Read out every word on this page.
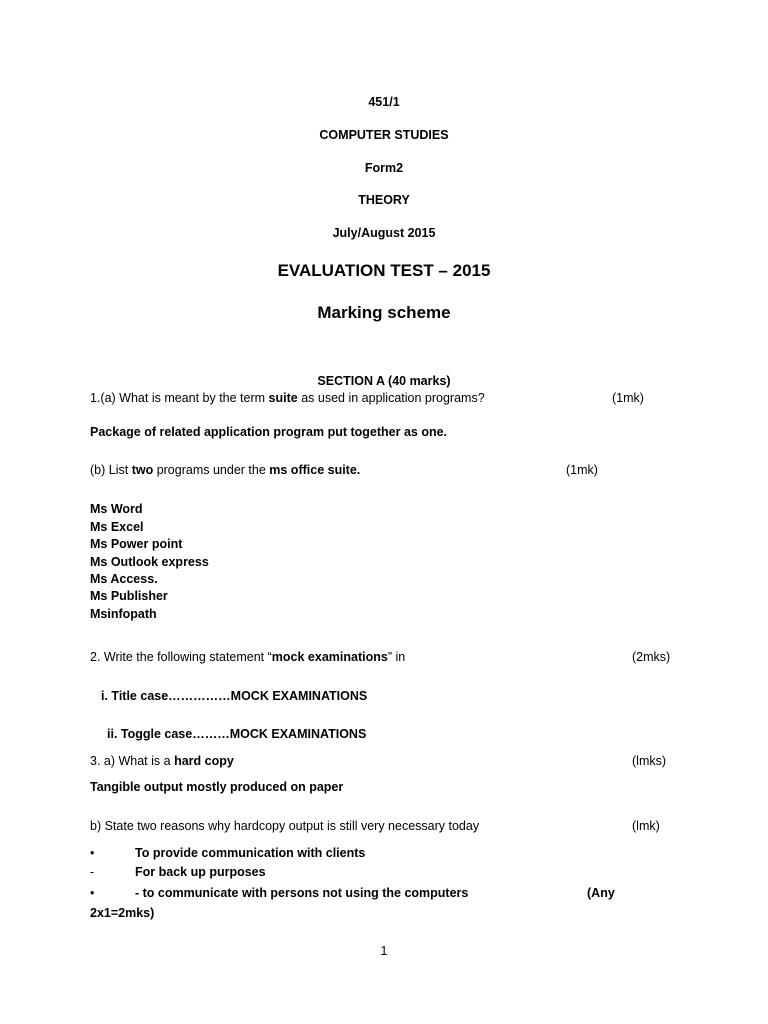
451/1
COMPUTER STUDIES
Form2
THEORY
July/August 2015
EVALUATION TEST – 2015
Marking scheme
SECTION A (40 marks)
1.(a) What is meant by the term suite as used in application programs?	(1mk)
Package of related application program put together as one.
(b) List two programs under the ms office suite.	(1mk)
Ms Word
Ms Excel
Ms Power point
Ms Outlook express
Ms Access.
Ms Publisher
Msinfopath
2. Write the following statement “mock examinations” in	(2mks)
i. Title case……………MOCK EXAMINATIONS
ii. Toggle case………MOCK EXAMINATIONS
3. a) What is a hard copy	(lmks)
Tangible output mostly produced on paper
b) State two reasons why hardcopy output is still very necessary today	(lmk)
•	To provide communication with clients
-	For back up purposes
•	- to communicate with persons not using the computers	(Any
2x1=2mks)
1
